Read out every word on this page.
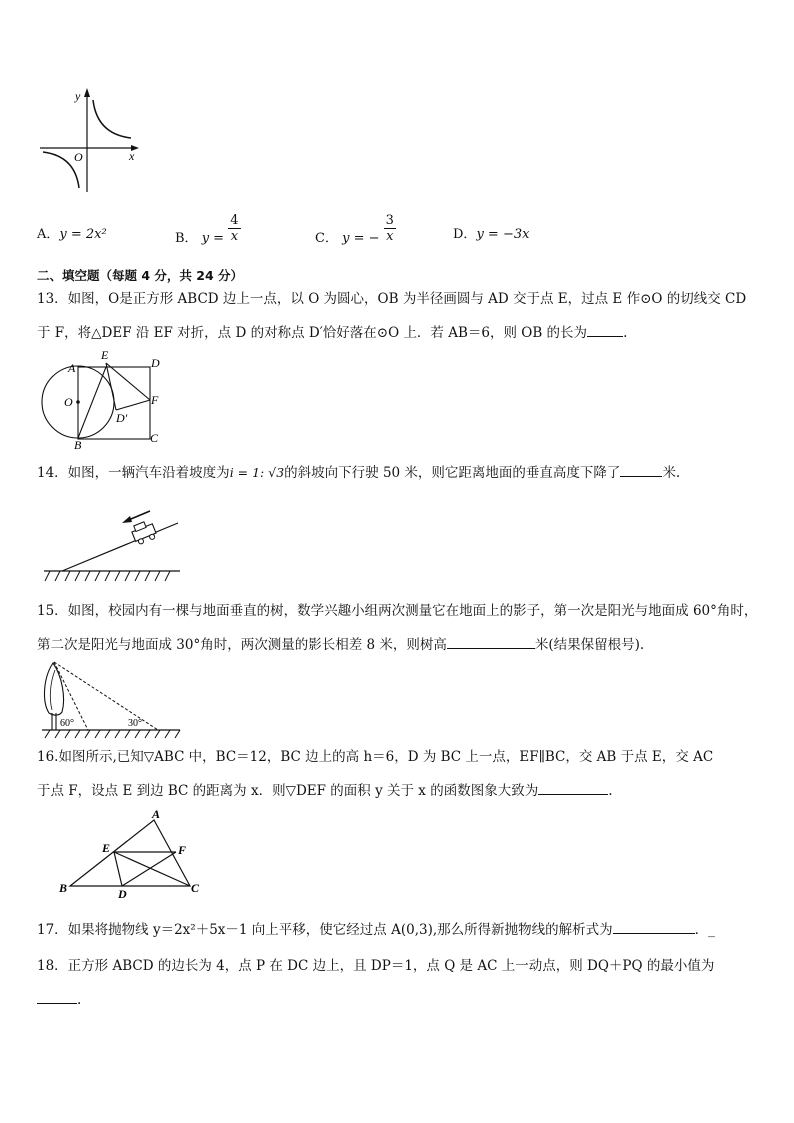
y
x
O
A．y = 2x²	B． $y = \frac{4}{x}$	C． y = − $\frac{3}{x}$	D．y = −3x
二、填空题（每题 4 分，共 24 分）
13．如图，O是正方形 ABCD 边上一点，以 O 为圆心，OB 为半径画圆与 AD 交于点 E，过点 E 作⊙O 的切线交 CD
于 F，将△DEF 沿 EF 对折，点 D 的对称点 D′恰好落在⊙O 上．若 AB＝6，则 OB 的长为	.
A
E
D
O	F
D′
B	C
14．如图，一辆汽车沿着坡度为i = 1: √3的斜坡向下行驶 50 米，则它距离地面的垂直高度下降了	米.
15．如图，校园内有一棵与地面垂直的树，数学兴趣小组两次测量它在地面上的影子，第一次是阳光与地面成 60°角时，
第二次是阳光与地面成 30°角时，两次测量的影长相差 8 米，则树高	米(结果保留根号).
60°	30°
16.如图所示,已知▽ABC 中，BC＝12，BC 边上的高 h＝6，D 为 BC 上一点，EF∥BC，交 AB 于点 E，交 AC
于点 F，设点 E 到边 BC 的距离为 x．则▽DEF 的面积 y 关于 x 的函数图象大致为	.
A
E	F
B	D	C
17．如果将抛物线 y＝2x²＋5x－1 向上平移，使它经过点 A(0,3),那么所得新抛物线的解析式为	．_
18．正方形 ABCD 的边长为 4，点 P 在 DC 边上，且 DP＝1，点 Q 是 AC 上一动点，则 DQ＋PQ 的最小值为
.
